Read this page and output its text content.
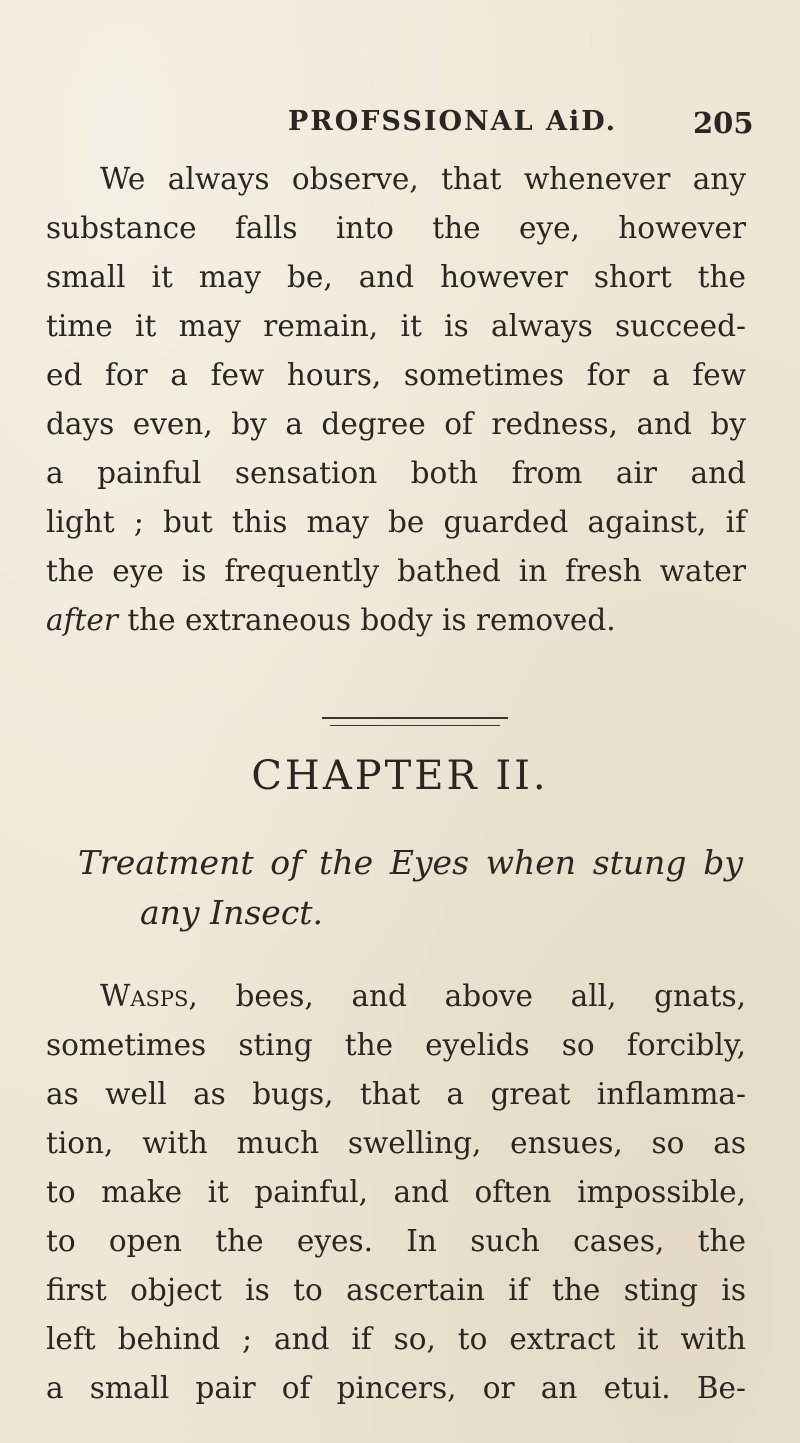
PROFSSIONAL AiD.	205
We always observe, that whenever any
substance falls into the eye, however
small it may be, and however short the
time it may remain, it is always succeed-
ed for a few hours, sometimes for a few
days even, by a degree of redness, and by
a painful sensation both from air and
light ; but this may be guarded against, if
the eye is frequently bathed in fresh water
after the extraneous body is removed.
CHAPTER II.
Treatment of the Eyes when stung by
any Insect.
Wasps, bees, and above all, gnats,
sometimes sting the eyelids so forcibly,
as well as bugs, that a great inflamma-
tion, with much swelling, ensues, so as
to make it painful, and often impossible,
to open the eyes. In such cases, the
first object is to ascertain if the sting is
left behind ; and if so, to extract it with
a small pair of pincers, or an etui. Be-
